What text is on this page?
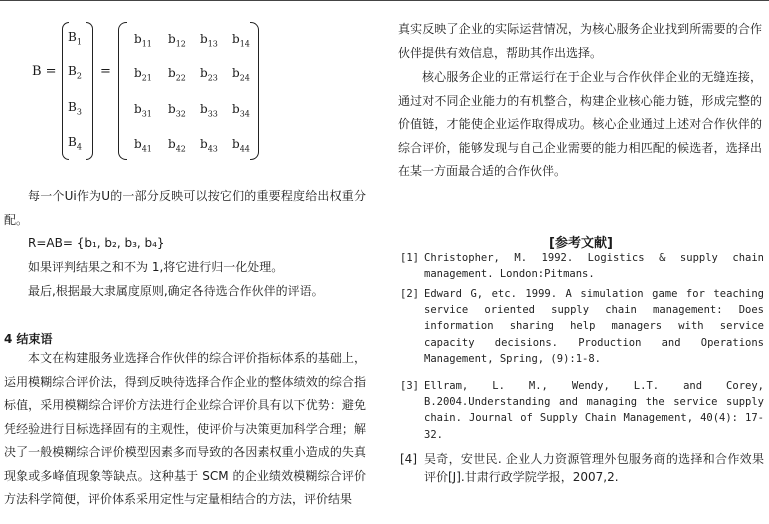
B =
$B_1$
$B_2$
$B_3$
$B_4$
=
$b_{11}$ $b_{12}$ $b_{13}$ $b_{14}$
$b_{21}$ $b_{22}$ $b_{23}$ $b_{24}$
$b_{31}$ $b_{32}$ $b_{33}$ $b_{34}$
$b_{41}$ $b_{42}$ $b_{43}$ $b_{44}$

每一个Ui作为U的一部分反映可以按它们的重要程度给出权重分配。

R=AB= {b₁, b₂, b₃, b₄}

如果评判结果之和不为 1,将它进行归一化处理。

最后,根据最大隶属度原则,确定各待选合作伙伴的评语。

4 结束语

本文在构建服务业选择合作伙伴的综合评价指标体系的基础上，运用模糊综合评价法，得到反映待选择合作企业的整体绩效的综合指标值，采用模糊综合评价方法进行企业综合评价具有以下优势：避免凭经验进行目标选择固有的主观性，使评价与决策更加科学合理；解决了一般模糊综合评价模型因素多而导致的各因素权重小造成的失真现象或多峰值现象等缺点。这种基于 SCM 的企业绩效模糊综合评价方法科学简便，评价体系采用定性与定量相结合的方法，评价结果

真实反映了企业的实际运营情况，为核心服务企业找到所需要的合作伙伴提供有效信息，帮助其作出选择。

核心服务企业的正常运行在于企业与合作伙伴企业的无缝连接，通过对不同企业能力的有机整合，构建企业核心能力链，形成完整的价值链，才能使企业运作取得成功。核心企业通过上述对合作伙伴的综合评价，能够发现与自己企业需要的能力相匹配的候选者，选择出在某一方面最合适的合作伙伴。

[参考文献]

[1] Christopher, M. 1992. Logistics & supply chain management. London:Pitmans.
[2] Edward G, etc. 1999. A simulation game for teaching service oriented supply chain management: Does information sharing help managers with service capacity decisions. Production and Operations Management, Spring, (9):1-8.
[3] Ellram, L. M., Wendy, L.T. and Corey, B.2004.Understanding and managing the service supply chain. Journal of Supply Chain Management, 40(4): 17-32.
[4] 吴奇，安世民. 企业人力资源管理外包服务商的选择和合作效果评价[J].甘肃行政学院学报，2007,2.
